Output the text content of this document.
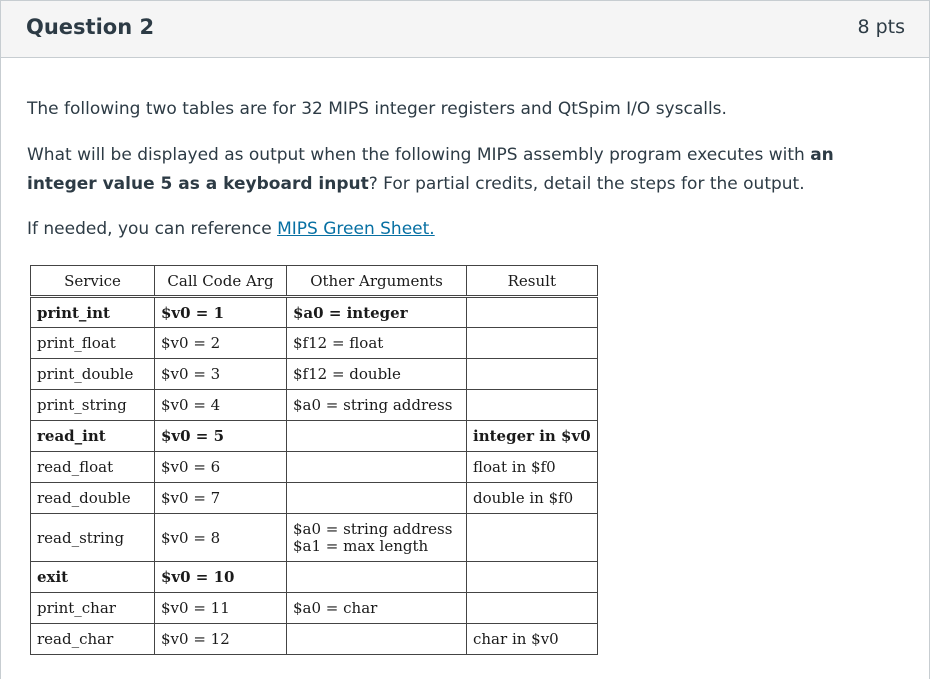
Question 2	8 pts
The following two tables are for 32 MIPS integer registers and QtSpim I/O syscalls.
What will be displayed as output when the following MIPS assembly program executes with an integer value 5 as a keyboard input? For partial credits, detail the steps for the output.
If needed, you can reference MIPS Green Sheet.
Service	Call Code Arg	Other Arguments	Result
print_int	$v0 = 1	$a0 = integer	

print_float	$v0 = 2	$f12 = float	

print_double	$v0 = 3	$f12 = double	

print_string	$v0 = 4	$a0 = string address	

read_int	$v0 = 5		integer in $v0
read_float	$v0 = 6		float in $f0
read_double	$v0 = 7		double in $f0
read_string	$v0 = 8	$a0 = string address
$a1 = max length	

exit	$v0 = 10	

print_char	$v0 = 11	$a0 = char	

read_char	$v0 = 12		char in $v0
